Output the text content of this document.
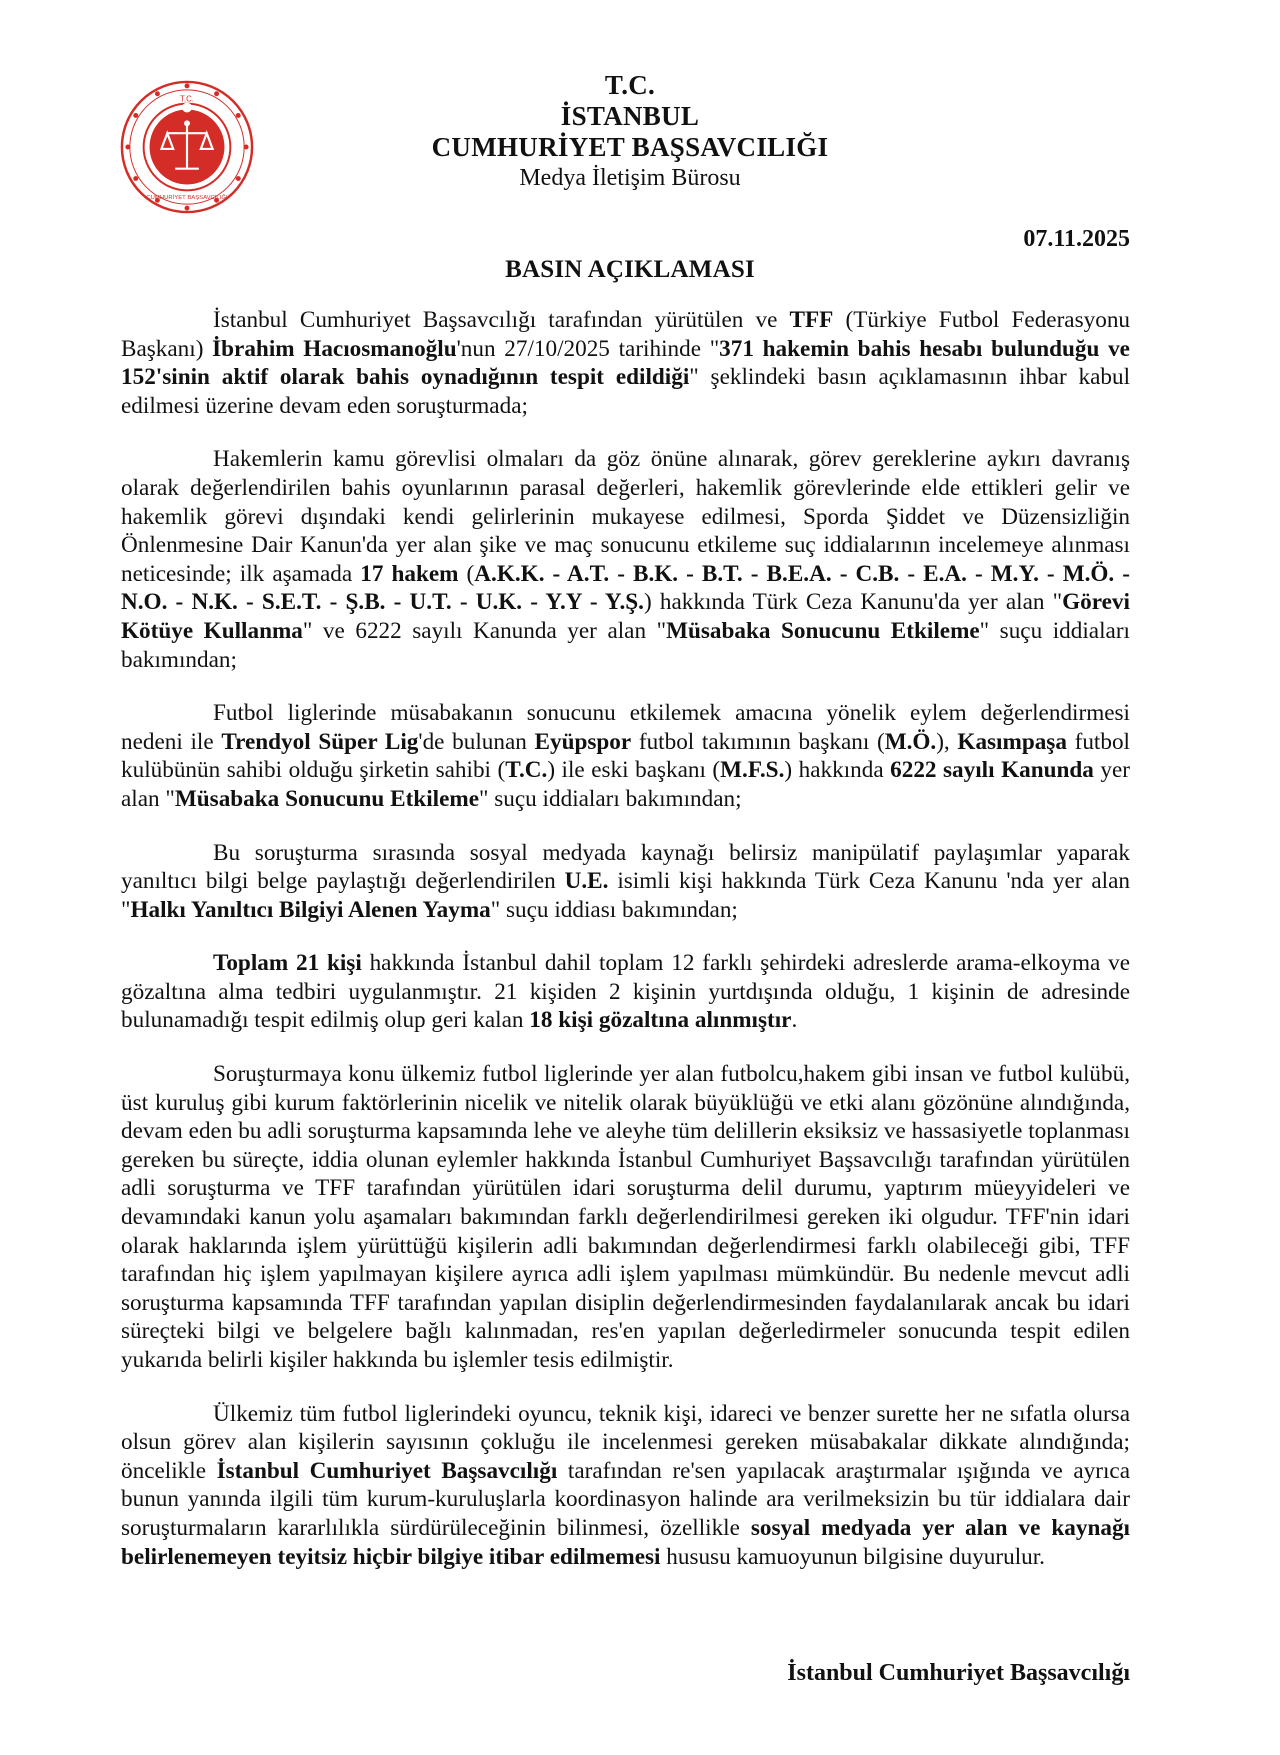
T.C.
CUMHURİYET BAŞSAVCILIĞI
T.C.
İSTANBUL
CUMHURİYET BAŞSAVCILIĞI
Medya İletişim Bürosu
07.11.2025
BASIN AÇIKLAMASI

İstanbul Cumhuriyet Başsavcılığı tarafından yürütülen ve TFF (Türkiye Futbol Federasyonu Başkanı) İbrahim Hacıosmanoğlu'nun 27/10/2025 tarihinde "371 hakemin bahis hesabı bulunduğu ve 152'sinin aktif olarak bahis oynadığının tespit edildiği" şeklindeki basın açıklamasının ihbar kabul edilmesi üzerine devam eden soruşturmada;

Hakemlerin kamu görevlisi olmaları da göz önüne alınarak, görev gereklerine aykırı davranış olarak değerlendirilen bahis oyunlarının parasal değerleri, hakemlik görevlerinde elde ettikleri gelir ve hakemlik görevi dışındaki kendi gelirlerinin mukayese edilmesi, Sporda Şiddet ve Düzensizliğin Önlenmesine Dair Kanun'da yer alan şike ve maç sonucunu etkileme suç iddialarının incelemeye alınması neticesinde; ilk aşamada 17 hakem (A.K.K. - A.T. - B.K. - B.T. - B.E.A. - C.B. - E.A. - M.Y. - M.Ö. - N.O. - N.K. - S.E.T. - Ş.B. - U.T. - U.K. - Y.Y - Y.Ş.) hakkında Türk Ceza Kanunu'da yer alan "Görevi Kötüye Kullanma" ve 6222 sayılı Kanunda yer alan "Müsabaka Sonucunu Etkileme" suçu iddiaları bakımından;

Futbol liglerinde müsabakanın sonucunu etkilemek amacına yönelik eylem değerlendirmesi nedeni ile Trendyol Süper Lig'de bulunan Eyüpspor futbol takımının başkanı (M.Ö.), Kasımpaşa futbol kulübünün sahibi olduğu şirketin sahibi (T.C.) ile eski başkanı (M.F.S.) hakkında 6222 sayılı Kanunda yer alan "Müsabaka Sonucunu Etkileme" suçu iddiaları bakımından;

Bu soruşturma sırasında sosyal medyada kaynağı belirsiz manipülatif paylaşımlar yaparak yanıltıcı bilgi belge paylaştığı değerlendirilen U.E. isimli kişi hakkında Türk Ceza Kanunu 'nda yer alan "Halkı Yanıltıcı Bilgiyi Alenen Yayma" suçu iddiası bakımından;

Toplam 21 kişi hakkında İstanbul dahil toplam 12 farklı şehirdeki adreslerde arama-elkoyma ve gözaltına alma tedbiri uygulanmıştır. 21 kişiden 2 kişinin yurtdışında olduğu, 1 kişinin de adresinde bulunamadığı tespit edilmiş olup geri kalan 18 kişi gözaltına alınmıştır.

Soruşturmaya konu ülkemiz futbol liglerinde yer alan futbolcu,hakem gibi insan ve futbol kulübü, üst kuruluş gibi kurum faktörlerinin nicelik ve nitelik olarak büyüklüğü ve etki alanı gözönüne alındığında, devam eden bu adli soruşturma kapsamında lehe ve aleyhe tüm delillerin eksiksiz ve hassasiyetle toplanması gereken bu süreçte, iddia olunan eylemler hakkında İstanbul Cumhuriyet Başsavcılığı tarafından yürütülen adli soruşturma ve TFF tarafından yürütülen idari soruşturma delil durumu, yaptırım müeyyideleri ve devamındaki kanun yolu aşamaları bakımından farklı değerlendirilmesi gereken iki olgudur. TFF'nin idari olarak haklarında işlem yürüttüğü kişilerin adli bakımından değerlendirmesi farklı olabileceği gibi, TFF tarafından hiç işlem yapılmayan kişilere ayrıca adli işlem yapılması mümkündür. Bu nedenle mevcut adli soruşturma kapsamında TFF tarafından yapılan disiplin değerlendirmesinden faydalanılarak ancak bu idari süreçteki bilgi ve belgelere bağlı kalınmadan, res'en yapılan değerledirmeler sonucunda tespit edilen yukarıda belirli kişiler hakkında bu işlemler tesis edilmiştir.

Ülkemiz tüm futbol liglerindeki oyuncu, teknik kişi, idareci ve benzer surette her ne sıfatla olursa olsun görev alan kişilerin sayısının çokluğu ile incelenmesi gereken müsabakalar dikkate alındığında; öncelikle İstanbul Cumhuriyet Başsavcılığı tarafından re'sen yapılacak araştırmalar ışığında ve ayrıca bunun yanında ilgili tüm kurum-kuruluşlarla koordinasyon halinde ara verilmeksizin bu tür iddialara dair soruşturmaların kararlılıkla sürdürüleceğinin bilinmesi, özellikle sosyal medyada yer alan ve kaynağı belirlenemeyen teyitsiz hiçbir bilgiye itibar edilmemesi hususu kamuoyunun bilgisine duyurulur.

İstanbul Cumhuriyet Başsavcılığı
